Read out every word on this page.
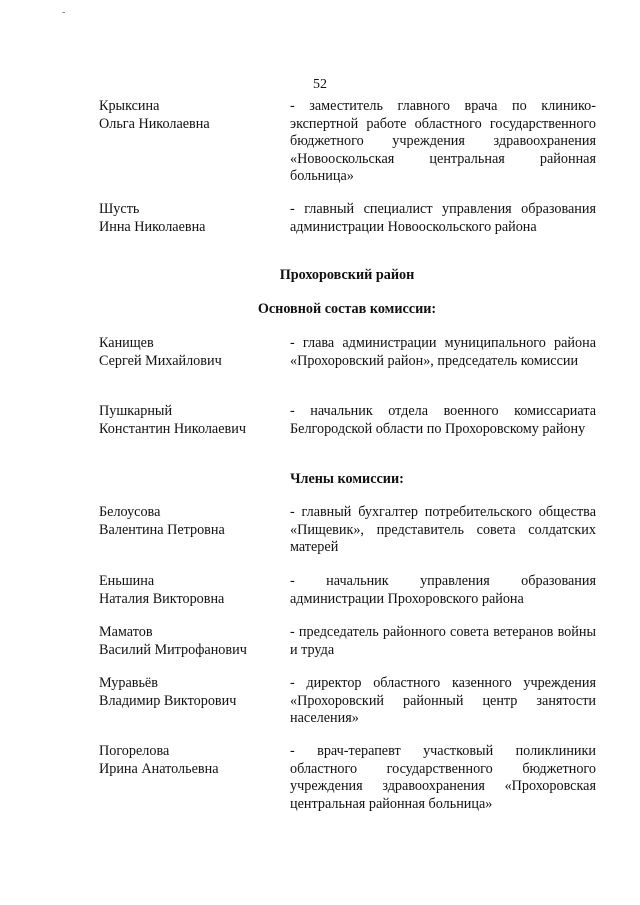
52
Крыксина
Ольга Николаевна
- заместитель главного врача по клинико-экспертной работе областного государственного бюджетного учреждения здравоохранения «Новооскольская центральная районная больница»
Шусть
Инна Николаевна
- главный специалист управления образования администрации Новооскольского района
Прохоровский район
Основной состав комиссии:
Канищев
Сергей Михайлович
- глава администрации муниципального района «Прохоровский район», председатель комиссии
Пушкарный
Константин Николаевич
- начальник отдела военного комиссариата Белгородской области по Прохоровскому району
Члены комиссии:
Белоусова
Валентина Петровна
- главный бухгалтер потребительского общества «Пищевик», представитель совета солдатских матерей
Еньшина
Наталия Викторовна
- начальник управления образования администрации Прохоровского района
Маматов
Василий Митрофанович
- председатель районного совета ветеранов войны и труда
Муравьёв
Владимир Викторович
- директор областного казенного учреждения «Прохоровский районный центр занятости населения»
Погорелова
Ирина Анатольевна
- врач-терапевт участковый поликлиники областного государственного бюджетного учреждения здравоохранения «Прохоровская центральная районная больница»
